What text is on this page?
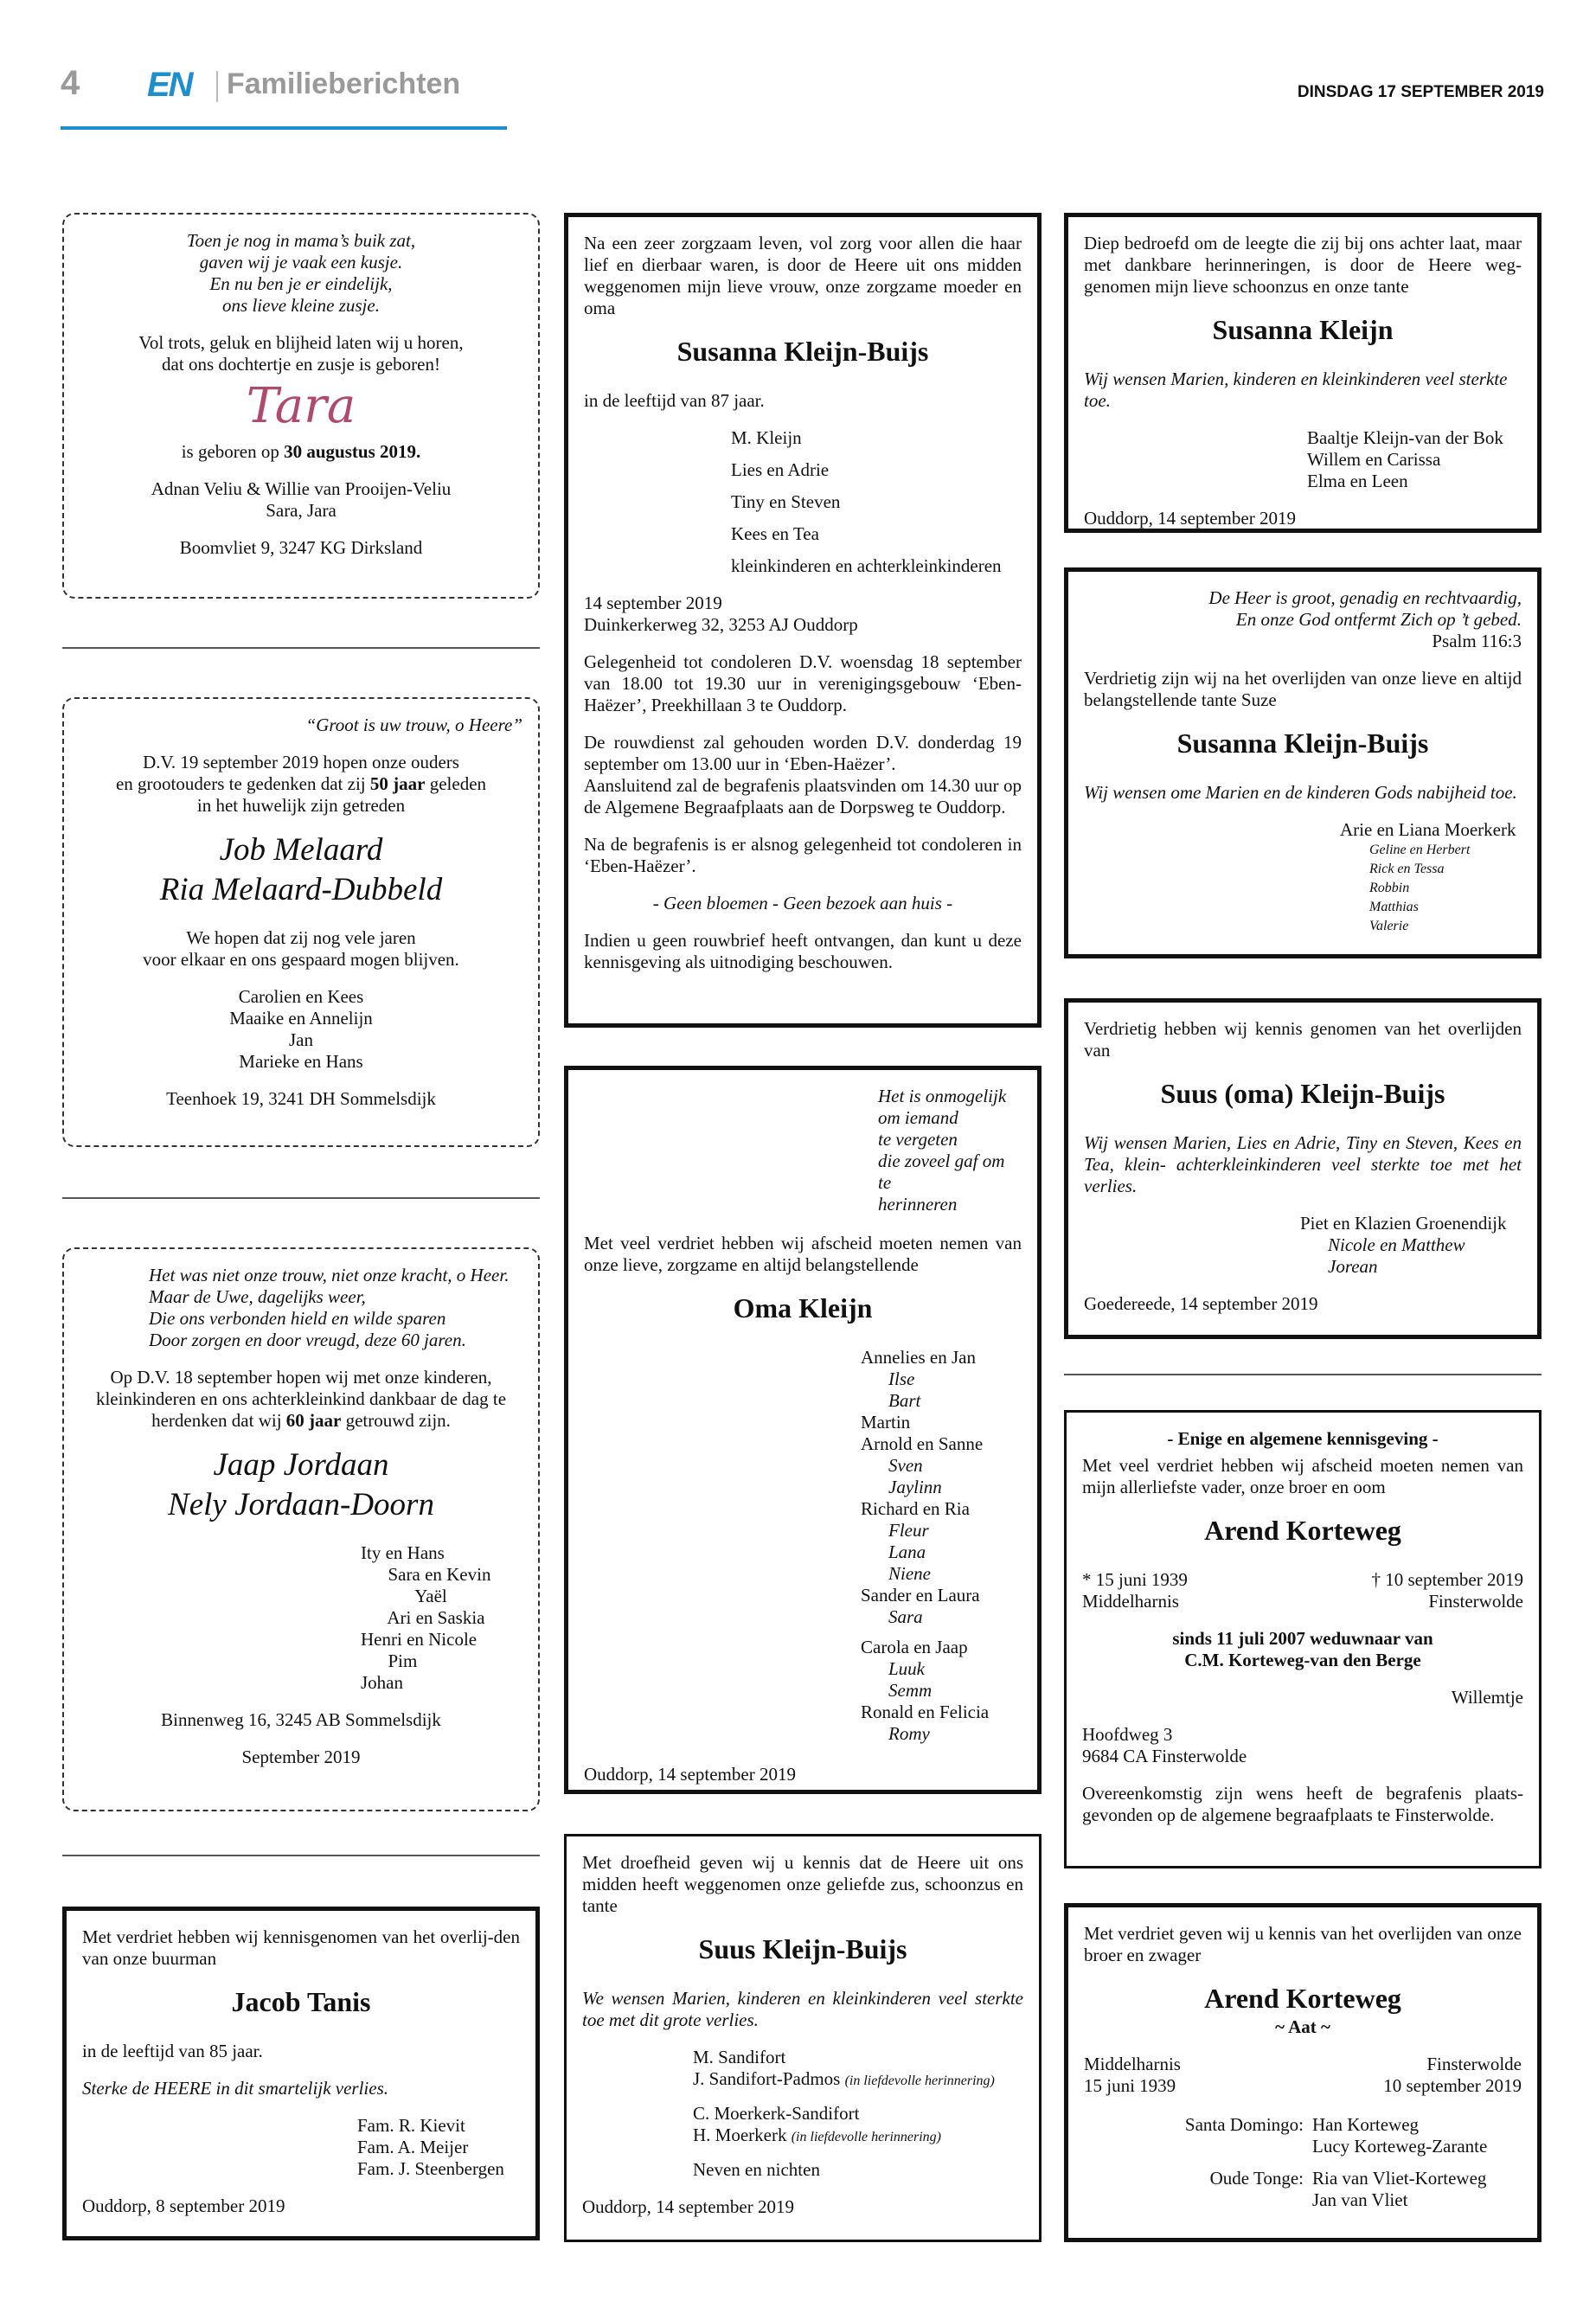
4 EN Familieberichten	DINSDAG 17 SEPTEMBER 2019

Toen je nog in mama’s buik zat,
gaven wij je vaak een kusje.
En nu ben je er eindelijk,
ons lieve kleine zusje.

Vol trots, geluk en blijheid laten wij u horen,
dat ons dochtertje en zusje is geboren!

Tara

is geboren op 30 augustus 2019.

Adnan Veliu & Willie van Prooijen-Veliu
Sara, Jara

Boomvliet 9, 3247 KG Dirksland

“Groot is uw trouw, o Heere”

D.V. 19 september 2019 hopen onze ouders
en grootouders te gedenken dat zij 50 jaar geleden
in het huwelijk zijn getreden

Job Melaard
Ria Melaard-Dubbeld

We hopen dat zij nog vele jaren
voor elkaar en ons gespaard mogen blijven.

Carolien en Kees
Maaike en Annelijn
Jan
Marieke en Hans

Teenhoek 19, 3241 DH Sommelsdijk

Het was niet onze trouw, niet onze kracht, o Heer.
Maar de Uwe, dagelijks weer,
Die ons verbonden hield en wilde sparen
Door zorgen en door vreugd, deze 60 jaren.

Op D.V. 18 september hopen wij met onze kinderen, kleinkinderen en ons achterkleinkind dankbaar de dag te herdenken dat wij 60 jaar getrouwd zijn.

Jaap Jordaan
Nely Jordaan-Doorn

Ity en Hans
Sara en Kevin
Yaël
Ari en Saskia
Henri en Nicole
Pim
Johan

Binnenweg 16, 3245 AB Sommelsdijk

September 2019

Met verdriet hebben wij kennisgenomen van het overlij-den van onze buurman

Jacob Tanis

in de leeftijd van 85 jaar.

Sterke de HEERE in dit smartelijk verlies.

Fam. R. Kievit
Fam. A. Meijer
Fam. J. Steenbergen

Ouddorp, 8 september 2019

Na een zeer zorgzaam leven, vol zorg voor allen die haar lief en dierbaar waren, is door de Heere uit ons midden weggenomen mijn lieve vrouw, onze zorgzame moeder en oma

Susanna Kleijn-Buijs

in de leeftijd van 87 jaar.

M. Kleijn
Lies en Adrie
Tiny en Steven
Kees en Tea
kleinkinderen en achterkleinkinderen

14 september 2019
Duinkerkerweg 32, 3253 AJ Ouddorp

Gelegenheid tot condoleren D.V. woensdag 18 september van 18.00 tot 19.30 uur in verenigingsgebouw ‘Eben-Haëzer’, Preekhillaan 3 te Ouddorp.

De rouwdienst zal gehouden worden D.V. donderdag 19 september om 13.00 uur in ‘Eben-Haëzer’.
Aansluitend zal de begrafenis plaatsvinden om 14.30 uur op de Algemene Begraafplaats aan de Dorpsweg te Ouddorp.

Na de begrafenis is er alsnog gelegenheid tot condoleren in ‘Eben-Haëzer’.

- Geen bloemen - Geen bezoek aan huis -

Indien u geen rouwbrief heeft ontvangen, dan kunt u deze kennisgeving als uitnodiging beschouwen.

Het is onmogelijk
om iemand
te vergeten
die zoveel gaf om te
herinneren

Met veel verdriet hebben wij afscheid moeten nemen van onze lieve, zorgzame en altijd belangstellende

Oma Kleijn
Annelies en Jan
Ilse
Bart
Martin
Arnold en Sanne
Sven
Jaylinn
Richard en Ria
Fleur
Lana
Niene
Sander en Laura
Sara
Carola en Jaap
Luuk
Semm
Ronald en Felicia
Romy

Ouddorp, 14 september 2019

Met droefheid geven wij u kennis dat de Heere uit ons midden heeft weggenomen onze geliefde zus, schoonzus en tante

Suus Kleijn-Buijs

We wensen Marien, kinderen en kleinkinderen veel sterkte toe met dit grote verlies.

M. Sandifort
J. Sandifort-Padmos (in liefdevolle herinnering)
C. Moerkerk-Sandifort
H. Moerkerk (in liefdevolle herinnering)

Neven en nichten

Ouddorp, 14 september 2019

Diep bedroefd om de leegte die zij bij ons achter laat, maar met dankbare herinneringen, is door de Heere weg-genomen mijn lieve schoonzus en onze tante

Susanna Kleijn

Wij wensen Marien, kinderen en kleinkinderen veel sterkte toe.

Baaltje Kleijn-van der Bok
Willem en Carissa
Elma en Leen

Ouddorp, 14 september 2019

De Heer is groot, genadig en rechtvaardig,
En onze God ontfermt Zich op ’t gebed.

Psalm 116:3

Verdrietig zijn wij na het overlijden van onze lieve en altijd belangstellende tante Suze

Susanna Kleijn-Buijs

Wij wensen ome Marien en de kinderen Gods nabijheid toe.

Arie en Liana Moerkerk
Geline en Herbert
Rick en Tessa
Robbin
Matthias
Valerie

Verdrietig hebben wij kennis genomen van het overlijden van

Suus (oma) Kleijn-Buijs

Wij wensen Marien, Lies en Adrie, Tiny en Steven, Kees en Tea, klein- achterkleinkinderen veel sterkte toe met het verlies.

Piet en Klazien Groenendijk
Nicole en Matthew
Jorean

Goedereede, 14 september 2019

- Enige en algemene kennisgeving -

Met veel verdriet hebben wij afscheid moeten nemen van mijn allerliefste vader, onze broer en oom

Arend Korteweg
* 15 juni 1939
Middelharnis
† 10 september 2019
Finsterwolde

sinds 11 juli 2007 weduwnaar van
C.M. Korteweg-van den Berge

Willemtje

Hoofdweg 3
9684 CA Finsterwolde

Overeenkomstig zijn wens heeft de begrafenis plaats-gevonden op de algemene begraafplaats te Finsterwolde.

Met verdriet geven wij u kennis van het overlijden van onze broer en zwager

Arend Korteweg

~ Aat ~

Middelharnis
15 juni 1939
Finsterwolde
10 september 2019
Santa Domingo: Han Korteweg
Lucy Korteweg-Zarante
Oude Tonge: Ria van Vliet-Korteweg
Jan van Vliet
